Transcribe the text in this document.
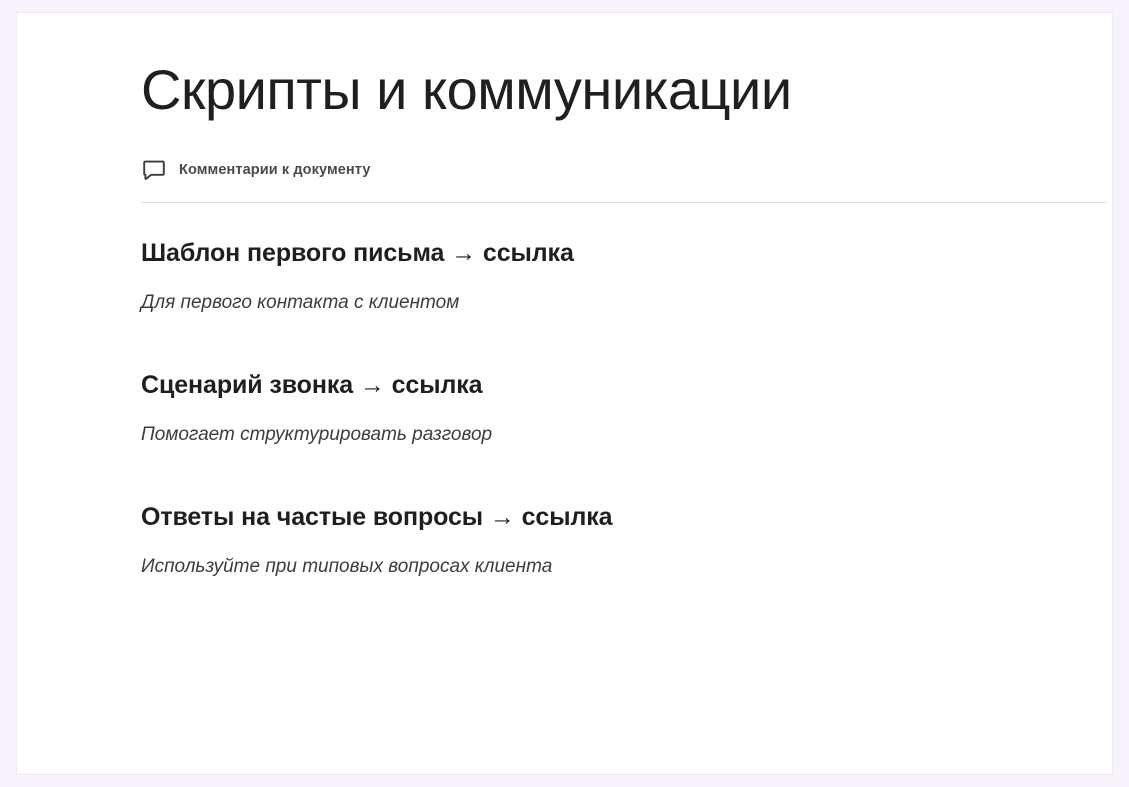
Скрипты и коммуникации
Комментарии к документу
Шаблон первого письма → ссылка

Для первого контакта с клиентом

Сценарий звонка → ссылка

Помогает структурировать разговор

Ответы на частые вопросы → ссылка

Используйте при типовых вопросах клиента
